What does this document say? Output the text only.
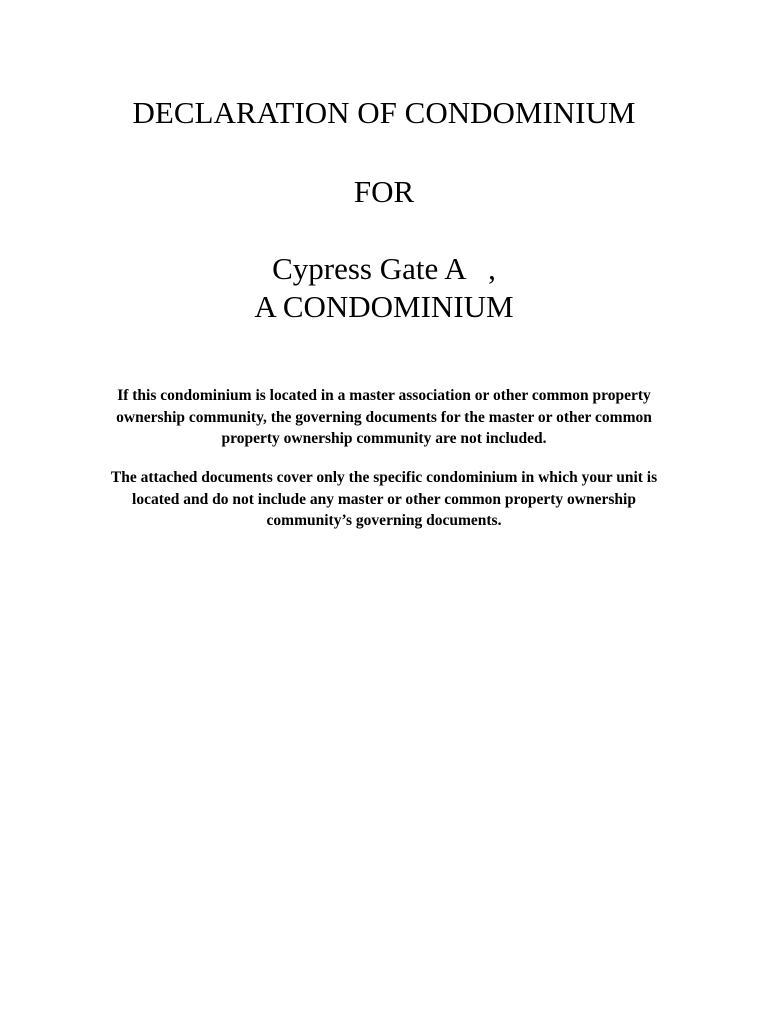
DECLARATION OF CONDOMINIUM
FOR
Cypress Gate A   ,
A CONDOMINIUM

If this condominium is located in a master association or other common property ownership community, the governing documents for the master or other common property ownership community are not included.

The attached documents cover only the specific condominium in which your unit is located and do not include any master or other common property ownership community’s governing documents.
